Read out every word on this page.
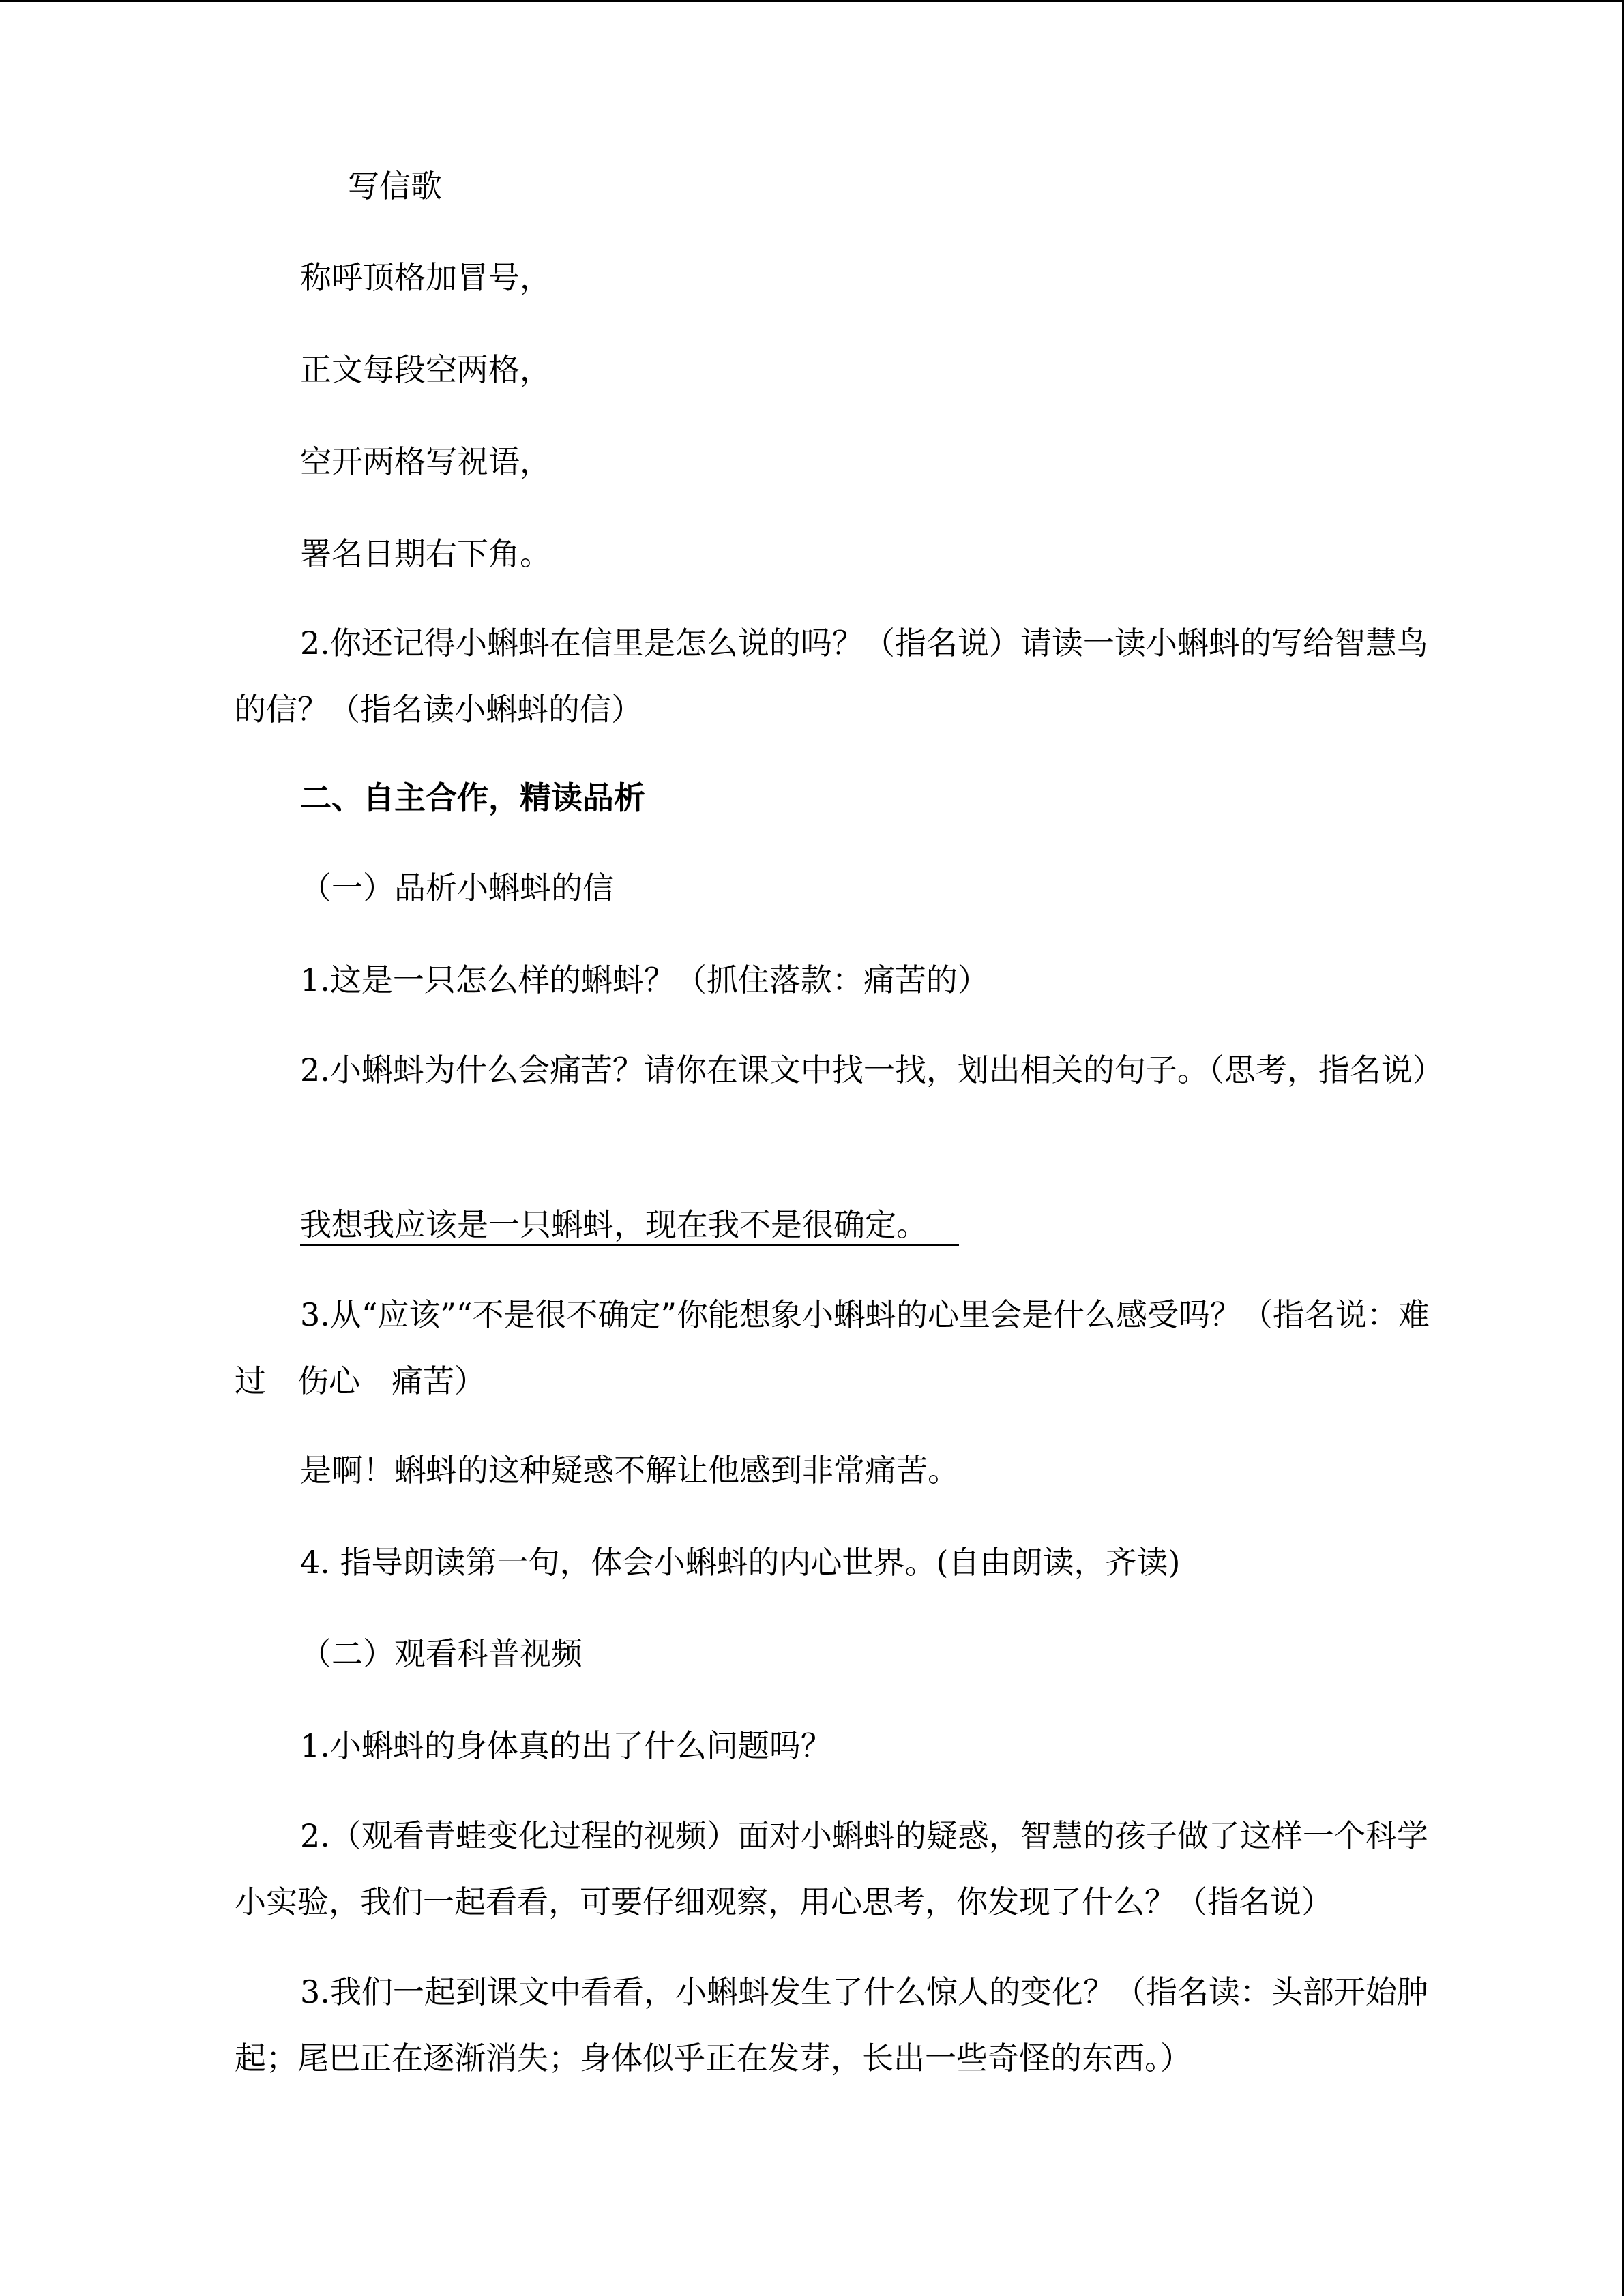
写信歌
称呼顶格加冒号，
正文每段空两格，
空开两格写祝语，
署名日期右下角。
2.你还记得小蝌蚪在信里是怎么说的吗？（指名说）请读一读小蝌蚪的写给智慧鸟的信？（指名读小蝌蚪的信）
二、自主合作，精读品析
（一）品析小蝌蚪的信
1.这是一只怎么样的蝌蚪？（抓住落款：痛苦的）
2.小蝌蚪为什么会痛苦？请你在课文中找一找，划出相关的句子。（思考，指名说）
我想我应该是一只蝌蚪，现在我不是很确定。 
3.从“应该”“不是很不确定”你能想象小蝌蚪的心里会是什么感受吗？（指名说：难过　伤心　痛苦）
是啊！蝌蚪的这种疑惑不解让他感到非常痛苦。
4. 指导朗读第一句，体会小蝌蚪的内心世界。(自由朗读，齐读)
（二）观看科普视频
1.小蝌蚪的身体真的出了什么问题吗？
2.（观看青蛙变化过程的视频）面对小蝌蚪的疑惑，智慧的孩子做了这样一个科学小实验，我们一起看看，可要仔细观察，用心思考，你发现了什么？（指名说）
3.我们一起到课文中看看，小蝌蚪发生了什么惊人的变化？（指名读：头部开始肿起；尾巴正在逐渐消失；身体似乎正在发芽，长出一些奇怪的东西。）
